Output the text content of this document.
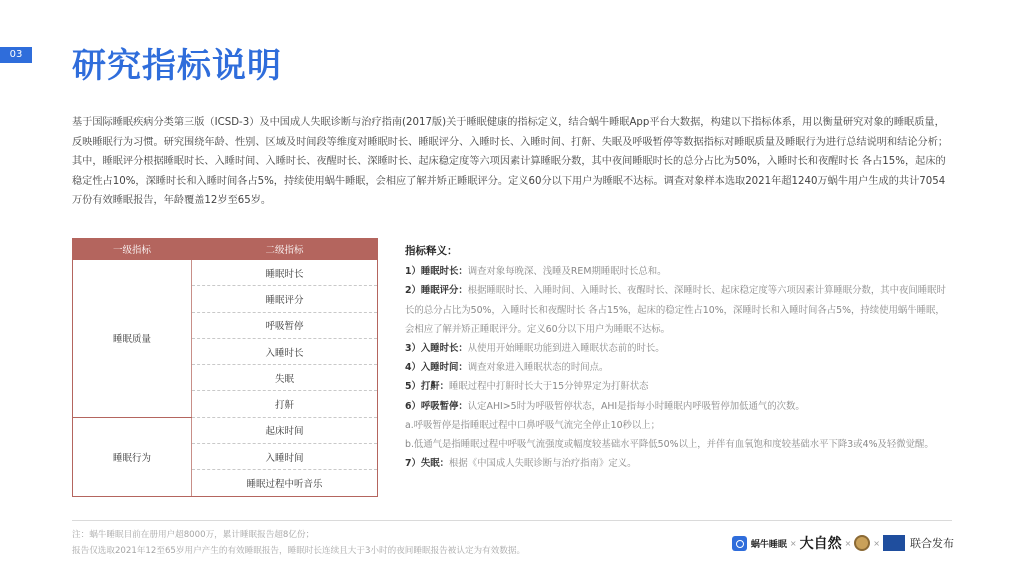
03 研究指标说明
基于国际睡眠疾病分类第三版（ICSD-3）及中国成人失眠诊断与治疗指南(2017版)关于睡眠健康的指标定义，结合蜗牛睡眠App平台大数据，构建以下指标体系，用以衡量研究对象的睡眠质量，反映睡眠行为习惯。研究围绕年龄、性别、区域及时间段等维度对睡眠时长、睡眠评分、入睡时长、入睡时间、打鼾、失眠及呼吸暂停等数据指标对睡眠质量及睡眠行为进行总结说明和结论分析；其中，睡眠评分根据睡眠时长、入睡时间、入睡时长、夜醒时长、深睡时长、起床稳定度等六项因素计算睡眠分数，其中夜间睡眠时长的总分占比为50%，入睡时长和夜醒时长 各占15%，起床的稳定性占10%，深睡时长和入睡时间各占5%，持续使用蜗牛睡眠，会相应了解并矫正睡眠评分。定义60分以下用户为睡眠不达标。调查对象样本选取2021年超1240万蜗牛用户生成的共计7054万份有效睡眠报告，年龄覆盖12岁至65岁。
一级指标	二级指标
睡眠质量	睡眠时长
	睡眠评分
	呼吸暂停
	入睡时长
	失眠
	打鼾
睡眠行为	起床时间
	入睡时间
	睡眠过程中听音乐
指标释义：

1）睡眠时长：调查对象每晚深、浅睡及REM期睡眠时长总和。

2）睡眠评分：根据睡眠时长、入睡时间、入睡时长、夜醒时长、深睡时长、起床稳定度等六项因素计算睡眠分数，其中夜间睡眠时长的总分占比为50%，入睡时长和夜醒时长 各占15%，起床的稳定性占10%，深睡时长和入睡时间各占5%，持续使用蜗牛睡眠，会相应了解并矫正睡眠评分。定义60分以下用户为睡眠不达标。

3）入睡时长：从使用开始睡眠功能到进入睡眠状态前的时长。

4）入睡时间：调查对象进入睡眠状态的时间点。

5）打鼾：睡眠过程中打鼾时长大于15分钟界定为打鼾状态

6）呼吸暂停：认定AHI>5时为呼吸暂停状态，AHI是指每小时睡眠内呼吸暂停加低通气的次数。

a.呼吸暂停是指睡眠过程中口鼻呼吸气流完全停止10秒以上；

b.低通气是指睡眠过程中呼吸气流强度或幅度较基础水平降低50%以上，并伴有血氧饱和度较基础水平下降3或4%及轻微觉醒。

7）失眠：根据《中国成人失眠诊断与治疗指南》定义。

注：蜗牛睡眠目前在册用户超8000万，累计睡眠报告超8亿份；
报告仅选取2021年12至65岁用户产生的有效睡眠报告，睡眠时长连续且大于3小时的夜间睡眠报告被认定为有效数据。
蜗牛睡眠 × 大自然 ×	×	联合发布
